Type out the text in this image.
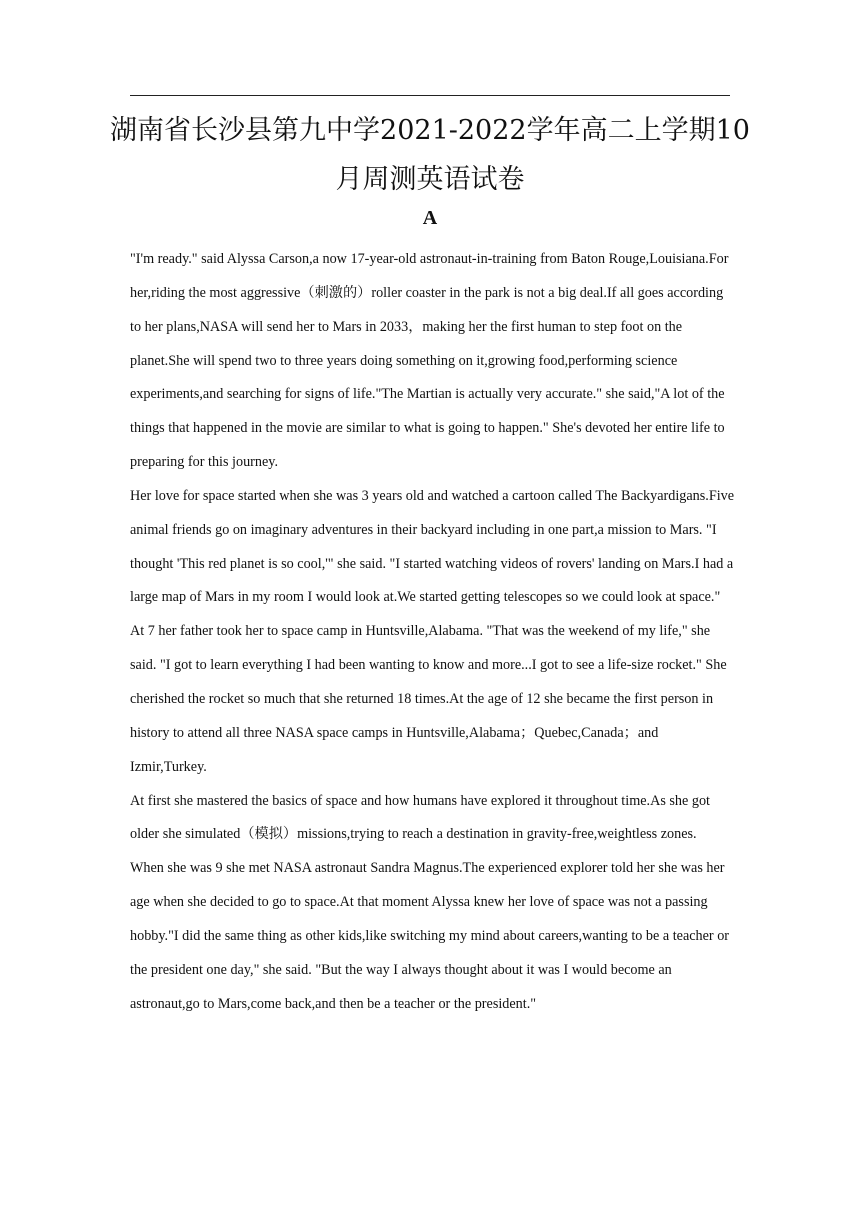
湖南省长沙县第九中学2021-2022学年高二上学期10月周测英语试卷
A

"I'm ready." said Alyssa Carson,a now 17-year-old astronaut-in-training from Baton Rouge,Louisiana.For her,riding the most aggressive（刺激的）roller coaster in the park is not a big deal.If all goes according to her plans,NASA will send her to Mars in 2033，making her the first human to step foot on the planet.She will spend two to three years doing something on it,growing food,performing science experiments,and searching for signs of life."The Martian is actually very accurate." she said,"A lot of the things that happened in the movie are similar to what is going to happen." She's devoted her entire life to preparing for this journey.

Her love for space started when she was 3 years old and watched a cartoon called The Backyardigans.Five animal friends go on imaginary adventures in their backyard including in one part,a mission to Mars. "I thought 'This red planet is so cool,'" she said. "I started watching videos of rovers' landing on Mars.I had a large map of Mars in my room I would look at.We started getting telescopes so we could look at space."

At 7 her father took her to space camp in Huntsville,Alabama. "That was the weekend of my life," she said. "I got to learn everything I had been wanting to know and more...I got to see a life-size rocket." She cherished the rocket so much that she returned 18 times.At the age of 12 she became the first person in history to attend all three NASA space camps in Huntsville,Alabama；Quebec,Canada；and Izmir,Turkey.

At first she mastered the basics of space and how humans have explored it throughout time.As she got older she simulated（模拟）missions,trying to reach a destination in gravity-free,weightless zones.

When she was 9 she met NASA astronaut Sandra Magnus.The experienced explorer told her she was her age when she decided to go to space.At that moment Alyssa knew her love of space was not a passing hobby."I did the same thing as other kids,like switching my mind about careers,wanting to be a teacher or the president one day," she said. "But the way I always thought about it was I would become an astronaut,go to Mars,come back,and then be a teacher or the president."
